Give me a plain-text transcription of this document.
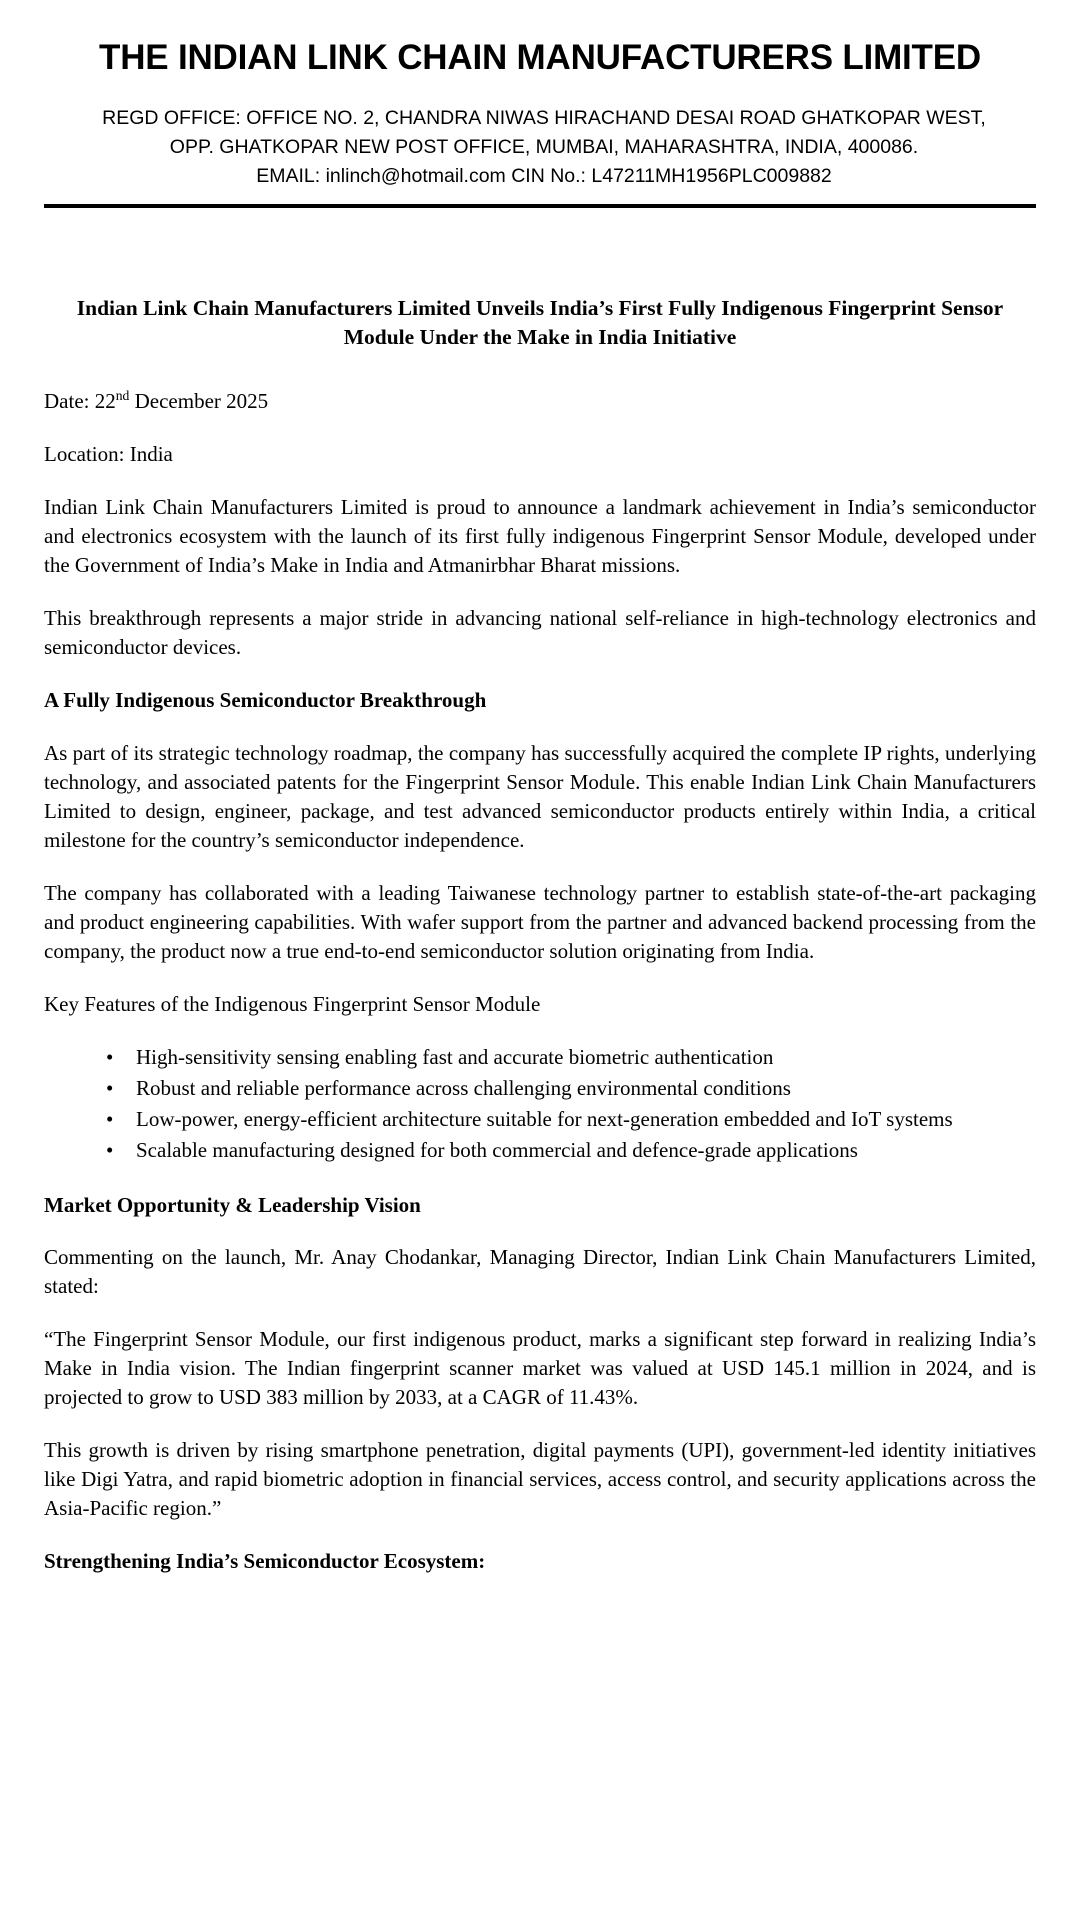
THE INDIAN LINK CHAIN MANUFACTURERS LIMITED
REGD OFFICE: OFFICE NO. 2, CHANDRA NIWAS HIRACHAND DESAI ROAD GHATKOPAR WEST,
OPP. GHATKOPAR NEW POST OFFICE, MUMBAI, MAHARASHTRA, INDIA, 400086.
EMAIL: inlinch@hotmail.com CIN No.: L47211MH1956PLC009882
Indian Link Chain Manufacturers Limited Unveils India’s First Fully Indigenous Fingerprint Sensor Module Under the Make in India Initiative

Date: 22nd December 2025

Location: India

Indian Link Chain Manufacturers Limited is proud to announce a landmark achievement in India’s semiconductor and electronics ecosystem with the launch of its first fully indigenous Fingerprint Sensor Module, developed under the Government of India’s Make in India and Atmanirbhar Bharat missions.

This breakthrough represents a major stride in advancing national self-reliance in high-technology electronics and semiconductor devices.

A Fully Indigenous Semiconductor Breakthrough

As part of its strategic technology roadmap, the company has successfully acquired the complete IP rights, underlying technology, and associated patents for the Fingerprint Sensor Module. This enable Indian Link Chain Manufacturers Limited to design, engineer, package, and test advanced semiconductor products entirely within India, a critical milestone for the country’s semiconductor independence.

The company has collaborated with a leading Taiwanese technology partner to establish state-of-the-art packaging and product engineering capabilities. With wafer support from the partner and advanced backend processing from the company, the product now a true end-to-end semiconductor solution originating from India.

Key Features of the Indigenous Fingerprint Sensor Module

• High-sensitivity sensing enabling fast and accurate biometric authentication
• Robust and reliable performance across challenging environmental conditions
• Low-power, energy-efficient architecture suitable for next-generation embedded and IoT systems
• Scalable manufacturing designed for both commercial and defence-grade applications
Market Opportunity & Leadership Vision

Commenting on the launch, Mr. Anay Chodankar, Managing Director, Indian Link Chain Manufacturers Limited, stated:

“The Fingerprint Sensor Module, our first indigenous product, marks a significant step forward in realizing India’s Make in India vision. The Indian fingerprint scanner market was valued at USD 145.1 million in 2024, and is projected to grow to USD 383 million by 2033, at a CAGR of 11.43%.

This growth is driven by rising smartphone penetration, digital payments (UPI), government-led identity initiatives like Digi Yatra, and rapid biometric adoption in financial services, access control, and security applications across the Asia-Pacific region.”

Strengthening India’s Semiconductor Ecosystem:
